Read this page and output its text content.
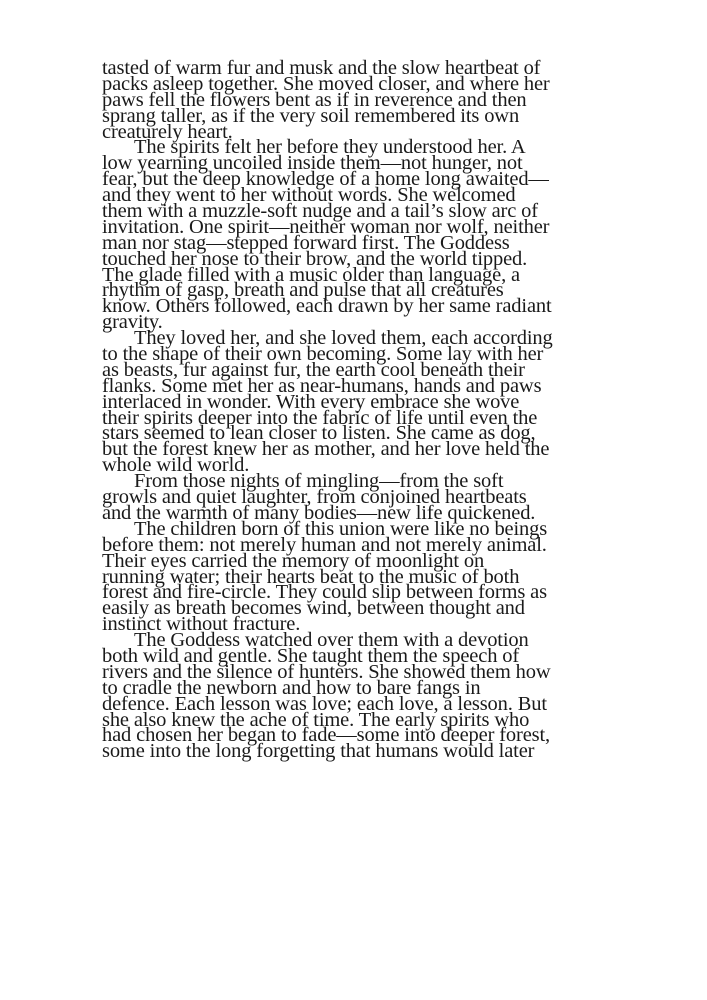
tasted of warm fur and musk and the slow heartbeat of
packs asleep together. She moved closer, and where her
paws fell the flowers bent as if in reverence and then
sprang taller, as if the very soil remembered its own
creaturely heart.
The spirits felt her before they understood her. A
low yearning uncoiled inside them—not hunger, not
fear, but the deep knowledge of a home long awaited—
and they went to her without words. She welcomed
them with a muzzle-soft nudge and a tail’s slow arc of
invitation. One spirit—neither woman nor wolf, neither
man nor stag—stepped forward first. The Goddess
touched her nose to their brow, and the world tipped.
The glade filled with a music older than language, a
rhythm of gasp, breath and pulse that all creatures
know. Others followed, each drawn by her same radiant
gravity.
They loved her, and she loved them, each according
to the shape of their own becoming. Some lay with her
as beasts, fur against fur, the earth cool beneath their
flanks. Some met her as near-humans, hands and paws
interlaced in wonder. With every embrace she wove
their spirits deeper into the fabric of life until even the
stars seemed to lean closer to listen. She came as dog,
but the forest knew her as mother, and her love held the
whole wild world.
From those nights of mingling—from the soft
growls and quiet laughter, from conjoined heartbeats
and the warmth of many bodies—new life quickened.
The children born of this union were like no beings
before them: not merely human and not merely animal.
Their eyes carried the memory of moonlight on
running water; their hearts beat to the music of both
forest and fire-circle. They could slip between forms as
easily as breath becomes wind, between thought and
instinct without fracture.
The Goddess watched over them with a devotion
both wild and gentle. She taught them the speech of
rivers and the silence of hunters. She showed them how
to cradle the newborn and how to bare fangs in
defence. Each lesson was love; each love, a lesson. But
she also knew the ache of time. The early spirits who
had chosen her began to fade—some into deeper forest,
some into the long forgetting that humans would later
